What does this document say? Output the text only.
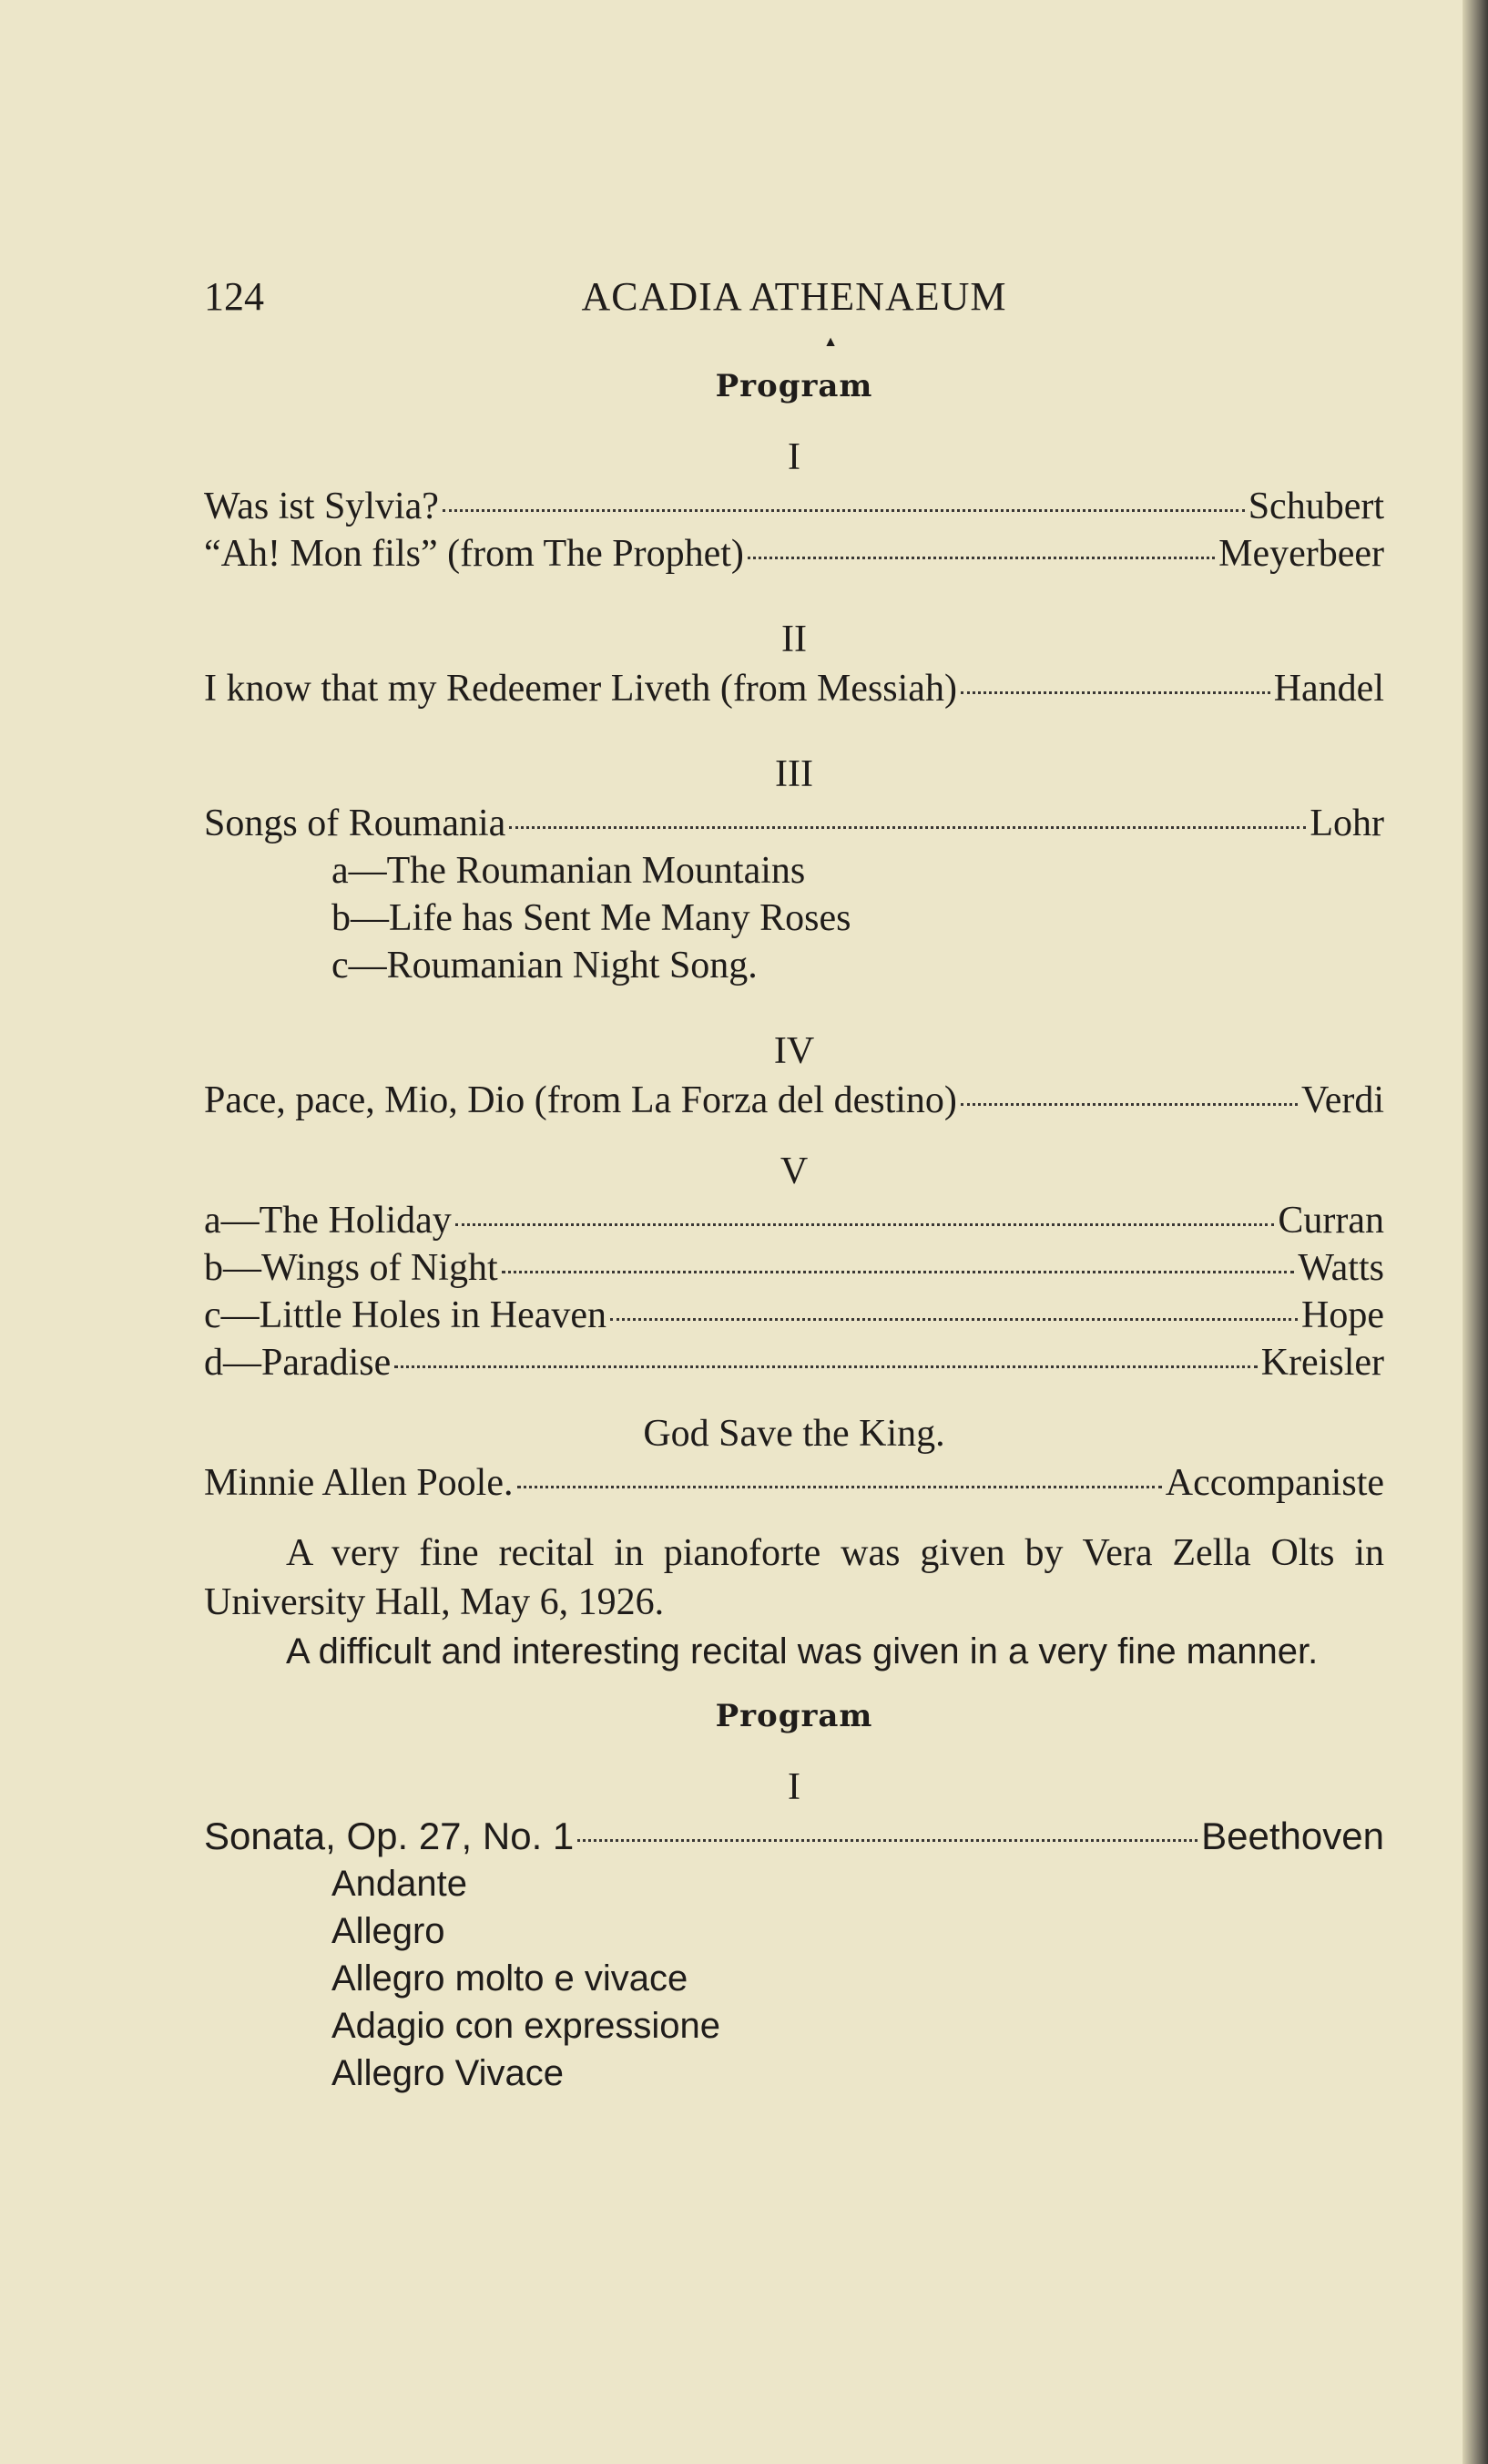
124	ACADIA ATHENAEUM
▲
Program
I
Was ist Sylvia?	Schubert
“Ah! Mon fils” (from The Prophet)	Meyerbeer
II
I know that my Redeemer Liveth (from Messiah)	Handel
III
Songs of Roumania	Lohr
a—The Roumanian Mountains
b—Life has Sent Me Many Roses
c—Roumanian Night Song.
IV
Pace, pace, Mio, Dio (from La Forza del destino)	Verdi
V
a—The Holiday	Curran
b—Wings of Night	Watts
c—Little Holes in Heaven	Hope
d—Paradise	Kreisler
God Save the King.
Minnie Allen Poole.	Accompaniste

A very fine recital in pianoforte was given by Vera Zella Olts in University Hall, May 6, 1926.

A difficult and interesting recital was given in a very fine manner.

Program
I
Sonata, Op. 27, No. 1	Beethoven
Andante
Allegro
Allegro molto e vivace
Adagio con expressione
Allegro Vivace
